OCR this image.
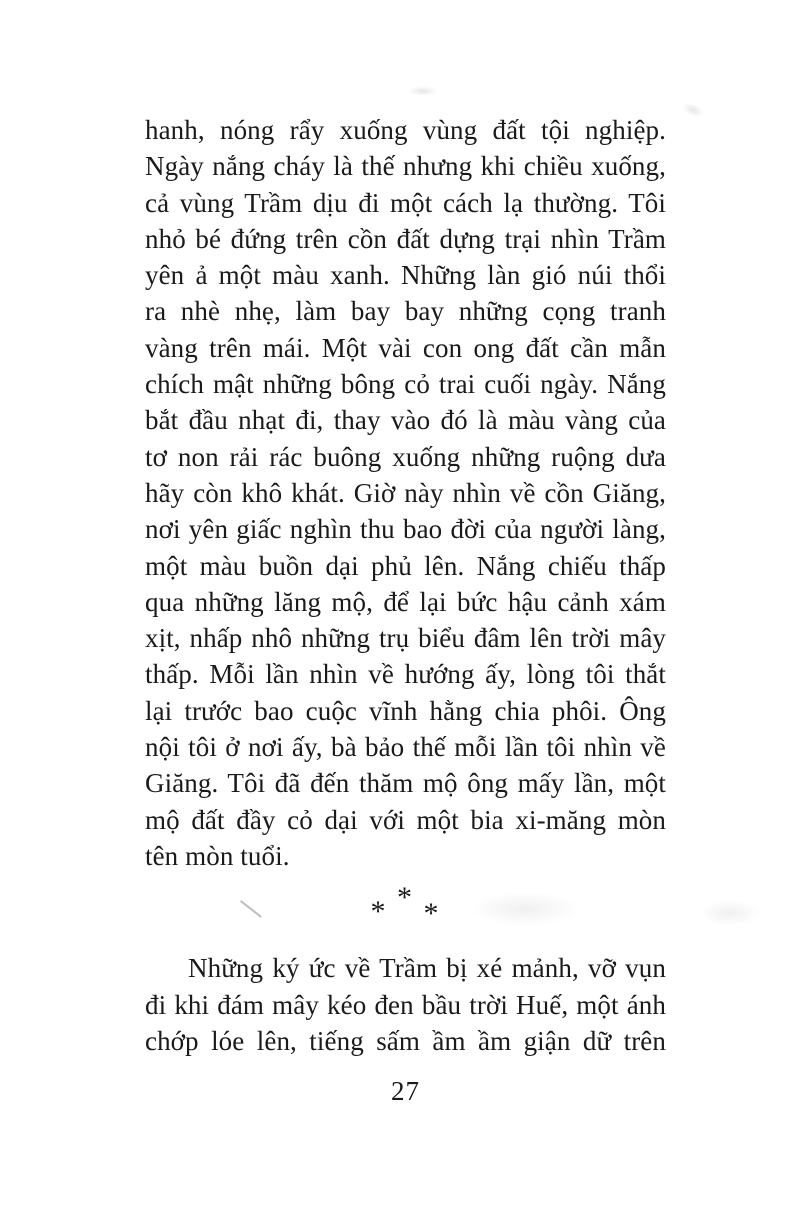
hanh, nóng rẩy xuống vùng đất tội nghiệp.
Ngày nắng cháy là thế nhưng khi chiều xuống,
cả vùng Trầm dịu đi một cách lạ thường. Tôi
nhỏ bé đứng trên cồn đất dựng trại nhìn Trầm
yên ả một màu xanh. Những làn gió núi thổi
ra nhè nhẹ, làm bay bay những cọng tranh
vàng trên mái. Một vài con ong đất cần mẫn
chích mật những bông cỏ trai cuối ngày. Nắng
bắt đầu nhạt đi, thay vào đó là màu vàng của
tơ non rải rác buông xuống những ruộng dưa
hãy còn khô khát. Giờ này nhìn về cồn Giăng,
nơi yên giấc nghìn thu bao đời của người làng,
một màu buồn dại phủ lên. Nắng chiếu thấp
qua những lăng mộ, để lại bức hậu cảnh xám
xịt, nhấp nhô những trụ biểu đâm lên trời mây
thấp. Mỗi lần nhìn về hướng ấy, lòng tôi thắt
lại trước bao cuộc vĩnh hằng chia phôi. Ông
nội tôi ở nơi ấy, bà bảo thế mỗi lần tôi nhìn về
Giăng. Tôi đã đến thăm mộ ông mấy lần, một
mộ đất đầy cỏ dại với một bia xi-măng mòn
tên mòn tuổi.
* * *
Những ký ức về Trầm bị xé mảnh, vỡ vụn
đi khi đám mây kéo đen bầu trời Huế, một ánh
chớp lóe lên, tiếng sấm ầm ầm giận dữ trên
27
